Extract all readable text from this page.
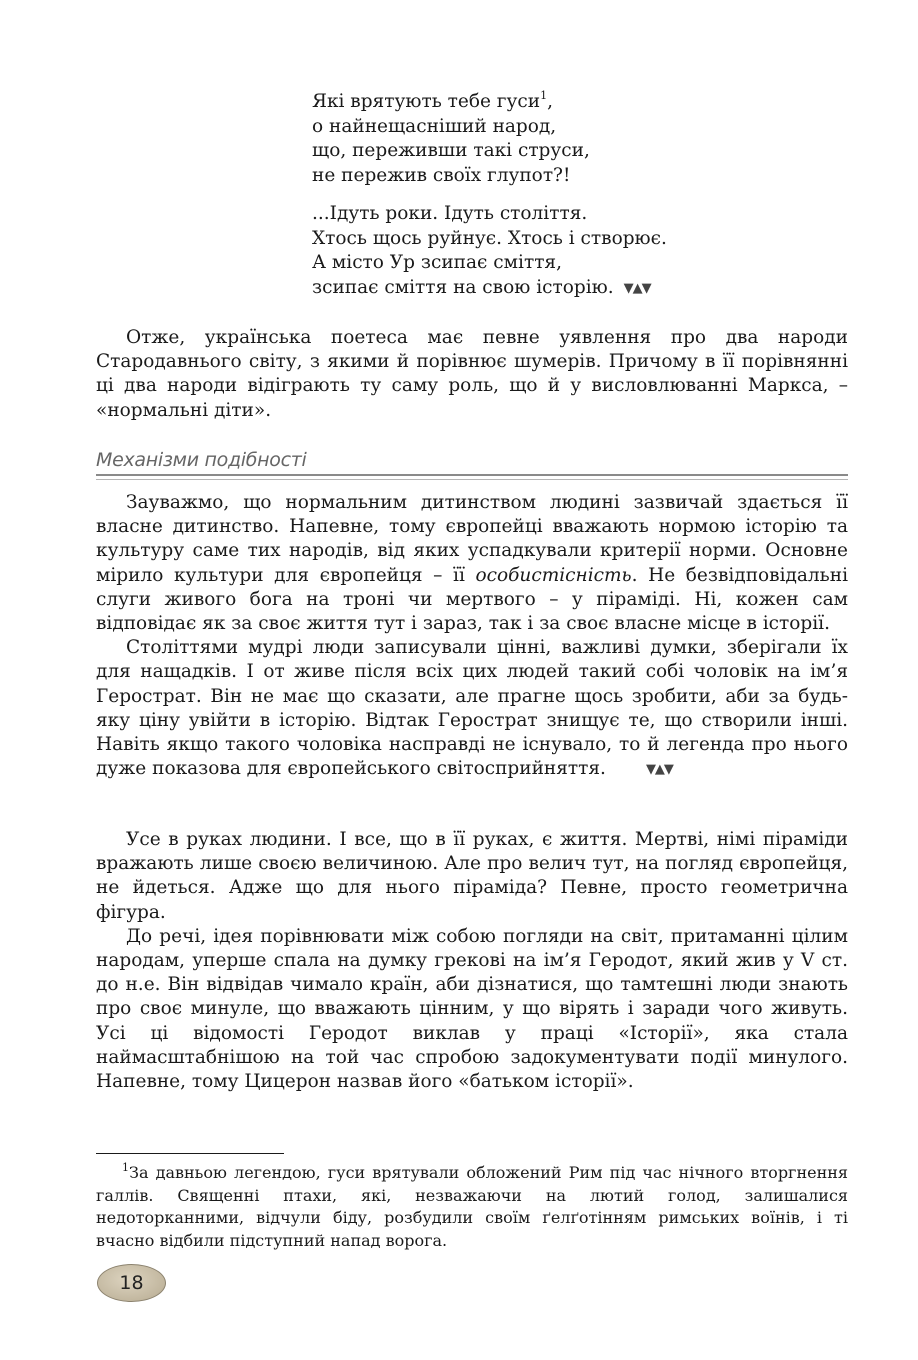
Які врятують тебе гуси$^1$,
о найнещасніший народ,
що, переживши такі струси,
не пережив своїх глупот?!
...Ідуть роки. Ідуть століття.
Хтось щось руйнує. Хтось і створює.
А місто Ур зсипає сміття,
зсипає сміття на свою історію. ▼▲▼

Отже, українська поетеса має певне уявлення про два народи Стародавнього світу, з якими й порівнює шумерів. Причому в її порівнянні ці два народи відіграють ту саму роль, що й у висловлюванні Маркса, – «нормальні діти».

Механізми подібності

Зауважмо, що нормальним дитинством людині зазвичай здається її власне дитинство. Напевне, тому європейці вважають нормою історію та культуру саме тих народів, від яких успадкували критерії норми. Основне мірило культури для європейця – її особистісність. Не безвідповідальні слуги живого бога на троні чи мертвого – у піраміді. Ні, кожен сам відповідає як за своє життя тут і зараз, так і за своє власне місце в історії.

Століттями мудрі люди записували цінні, важливі думки, зберігали їх для нащадків. І от живе після всіх цих людей такий собі чоловік на ім’я Герострат. Він не має що сказати, але прагне щось зробити, аби за будь-яку ціну увійти в історію. Відтак Герострат знищує те, що створили інші. Навіть якщо такого чоловіка насправді не існувало, то й легенда про нього дуже показова для європейського світосприйняття.	▼▲▼

Усе в руках людини. І все, що в її руках, є життя. Мертві, німі піраміди вражають лише своєю величиною. Але про велич тут, на погляд європейця, не йдеться. Адже що для нього піраміда? Певне, просто геометрична фігура.

До речі, ідея порівнювати між собою погляди на світ, притаманні цілим народам, уперше спала на думку грекові на ім’я Геродот, який жив у V ст. до н.е. Він відвідав чимало країн, аби дізнатися, що тамтешні люди знають про своє минуле, що вважають цінним, у що вірять і заради чого живуть. Усі ці відомості Геродот виклав у праці «Історії», яка стала наймасштабнішою на той час спробою задокументувати події минулого. Напевне, тому Цицерон назвав його «батьком історії».

$^1$За давньою легендою, гуси врятували обложений Рим під час нічного вторгнення галлів. Священні птахи, які, незважаючи на лютий голод, залишалися недоторканними, відчули біду, розбудили своїм ґелґотінням римських воїнів, і ті вчасно відбили підступний напад ворога.

18
